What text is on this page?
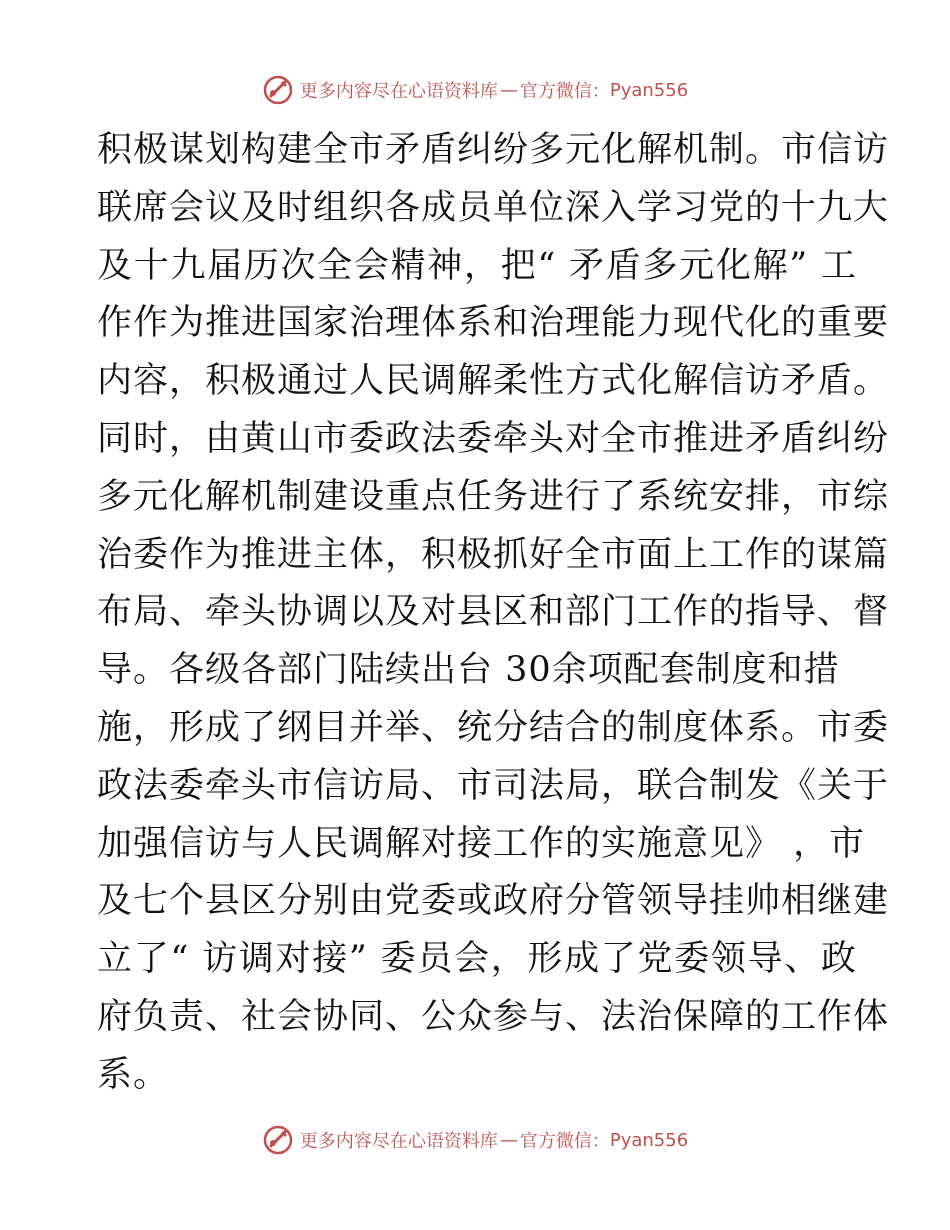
更多内容尽在心语资料库 — 官方微信： Pyan556
积极谋划构建全市矛盾纠纷多元化解机制。市信访
联席会议及时组织各成员单位深入学习党的十九大
及十九届历次全会精神，把“ 矛盾多元化解” 工
作作为推进国家治理体系和治理能力现代化的重要
内容，积极通过人民调解柔性方式化解信访矛盾。
同时，由黄山市委政法委牵头对全市推进矛盾纠纷
多元化解机制建设重点任务进行了系统安排，市综
治委作为推进主体，积极抓好全市面上工作的谋篇
布局、牵头协调以及对县区和部门工作的指导、督
导。各级各部门陆续出台 30余项配套制度和措
施，形成了纲目并举、统分结合的制度体系。市委
政法委牵头市信访局、市司法局，联合制发《关于
加强信访与人民调解对接工作的实施意见》 ，市
及七个县区分别由党委或政府分管领导挂帅相继建
立了“ 访调对接” 委员会，形成了党委领导、政
府负责、社会协同、公众参与、法治保障的工作体
系。
更多内容尽在心语资料库 — 官方微信： Pyan556
